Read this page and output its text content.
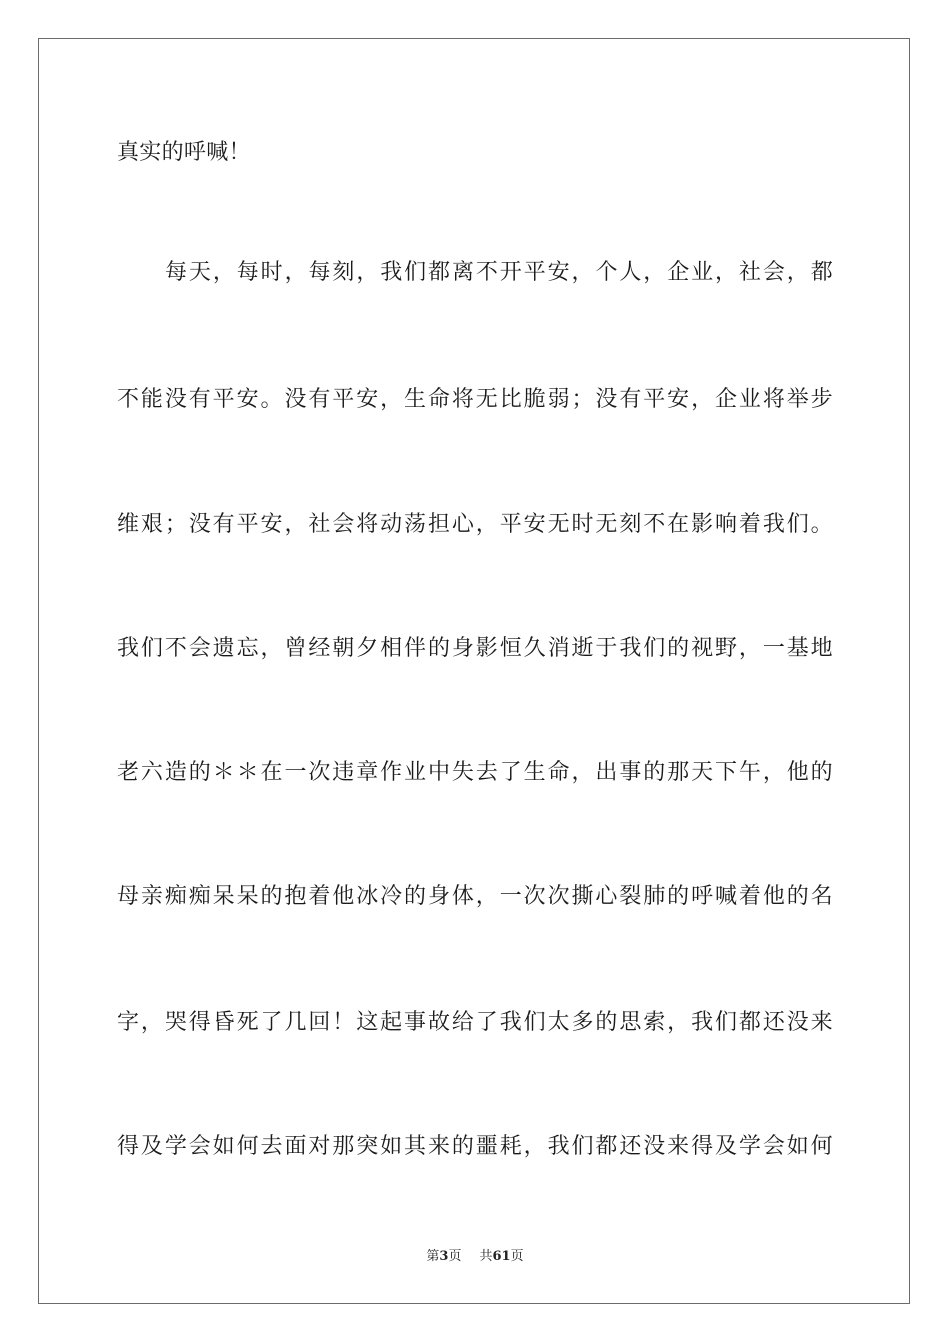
真实的呼喊！
每天，每时，每刻，我们都离不开平安，个人，企业，社会，都
不能没有平安。没有平安，生命将无比脆弱；没有平安，企业将举步
维艰；没有平安，社会将动荡担心，平安无时无刻不在影响着我们。
我们不会遗忘，曾经朝夕相伴的身影恒久消逝于我们的视野，一基地
老六造的＊＊在一次违章作业中失去了生命，出事的那天下午，他的
母亲痴痴呆呆的抱着他冰冷的身体，一次次撕心裂肺的呼喊着他的名
字，哭得昏死了几回！这起事故给了我们太多的思索，我们都还没来
得及学会如何去面对那突如其来的噩耗，我们都还没来得及学会如何
第3页 共61页
